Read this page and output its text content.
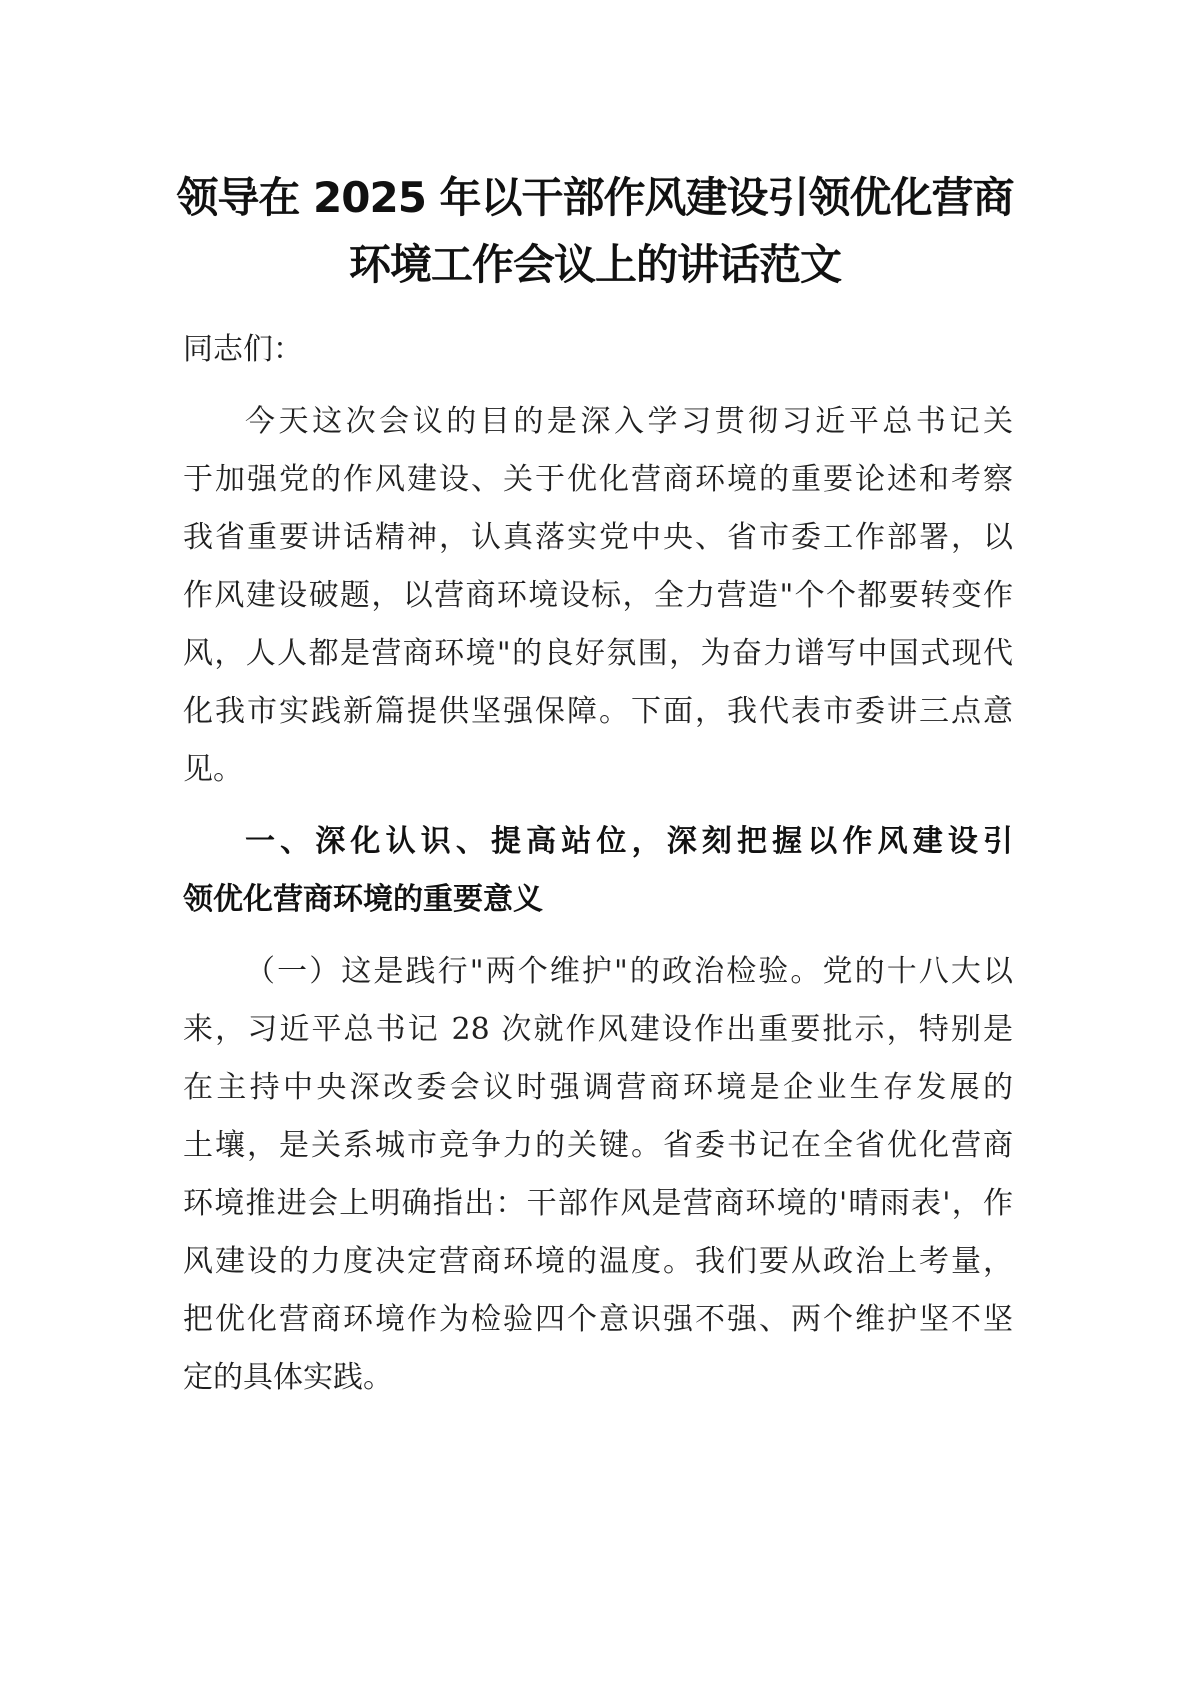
领导在 2025 年以干部作风建设引领优化营商
环境工作会议上的讲话范文
同志们：
今天这次会议的目的是深入学习贯彻习近平总书记关
于加强党的作风建设、关于优化营商环境的重要论述和考察
我省重要讲话精神，认真落实党中央、省市委工作部署，以
作风建设破题，以营商环境设标，全力营造"个个都要转变作
风，人人都是营商环境"的良好氛围，为奋力谱写中国式现代
化我市实践新篇提供坚强保障。下面，我代表市委讲三点意
见。
一、深化认识、提高站位，深刻把握以作风建设引
领优化营商环境的重要意义
（一）这是践行"两个维护"的政治检验。党的十八大以
来，习近平总书记 28 次就作风建设作出重要批示，特别是
在主持中央深改委会议时强调营商环境是企业生存发展的
土壤，是关系城市竞争力的关键。省委书记在全省优化营商
环境推进会上明确指出：干部作风是营商环境的'晴雨表'，作
风建设的力度决定营商环境的温度。我们要从政治上考量，
把优化营商环境作为检验四个意识强不强、两个维护坚不坚
定的具体实践。
